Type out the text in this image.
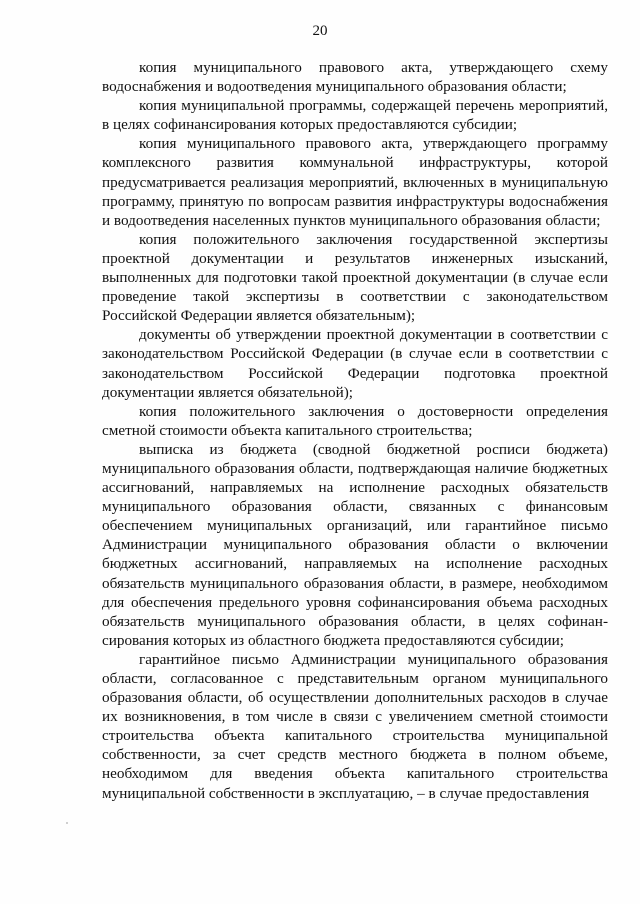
20

копия муниципального правового акта, утверждающего схему водоснабжения и водоотведения муниципального образования области;

копия муниципальной программы, содержащей перечень мероприятий, в целях софинансирования которых предоставляются субсидии;

копия муниципального правового акта, утверждающего программу комплексного развития коммунальной инфраструктуры, которой предусматривается реализация мероприятий, включенных в муниципальную программу, принятую по вопросам развития инфраструктуры водоснабжения и водоотведения населенных пунктов муниципального образования области;

копия положительного заключения государственной экспертизы проектной документации и результатов инженерных изысканий, выполненных для подготовки такой проектной документации (в случае если проведение такой экспертизы в соответствии с законодательством Российской Федерации является обязательным);

документы об утверждении проектной документации в соответствии с законодательством Российской Федерации (в случае если в соответствии с законодательством Российской Федерации подготовка проектной документации является обязательной);

копия положительного заключения о достоверности определения сметной стоимости объекта капитального строительства;

выписка из бюджета (сводной бюджетной росписи бюджета) муниципального образования области, подтверждающая наличие бюджетных ассигнований, направляемых на исполнение расходных обязательств муниципального образования области, связанных с финансовым обеспечением муниципальных организаций, или гарантийное письмо Администрации муниципального образования области о включении бюджетных ассигнований, направляемых на исполнение расходных обязательств муниципального образования области, в размере, необходимом для обеспечения предельного уровня софинансирования объема расходных обязательств муниципального образования области, в целях софинансирования которых из областного бюджета предоставляются субсидии;

гарантийное письмо Администрации муниципального образования области, согласованное с представительным органом муниципального образования области, об осуществлении дополнительных расходов в случае их возникновения, в том числе в связи с увеличением сметной стоимости строительства объекта капитального строительства муниципальной собственности, за счет средств местного бюджета в полном объеме, необходимом для введения объекта капитального строительства муниципальной собственности в эксплуатацию, – в случае предоставления
